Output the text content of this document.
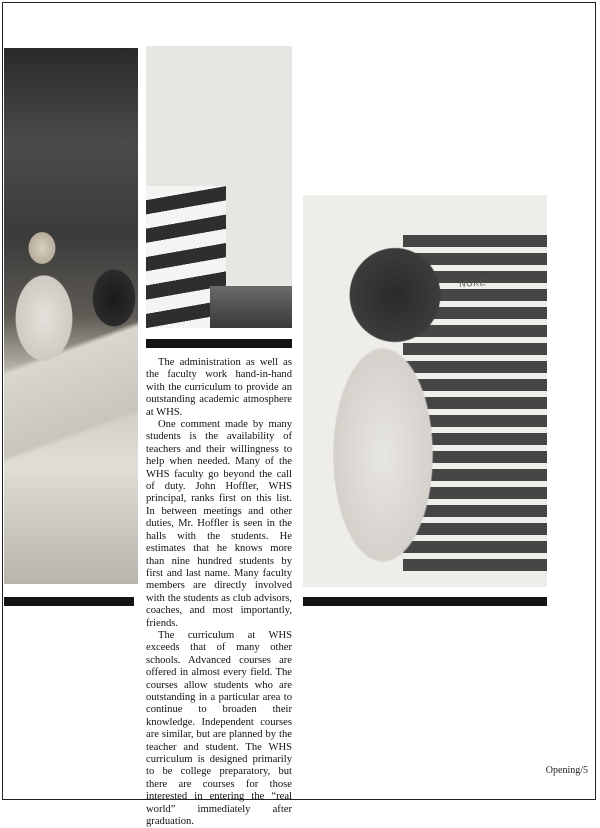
NUKE

The administration as well as the faculty work hand-in-hand with the curriculum to provide an outstanding academic atmosphere at WHS.

One comment made by many students is the availability of teachers and their willingness to help when needed. Many of the WHS faculty go beyond the call of duty. John Hoffler, WHS principal, ranks first on this list. In between meetings and other duties, Mr. Hoffler is seen in the halls with the students. He estimates that he knows more than nine hundred students by first and last name. Many faculty members are directly involved with the students as club advisors, coaches, and most importantly, friends.

The curriculum at WHS exceeds that of many other schools. Advanced courses are offered in almost every field. The courses allow students who are outstanding in a particular area to continue to broaden their knowledge. Independent courses are similar, but are planned by the teacher and student. The WHS curriculum is designed primarily to be college preparatory, but there are courses for those interested in entering the “real world” immediately after graduation.

Opening/5
